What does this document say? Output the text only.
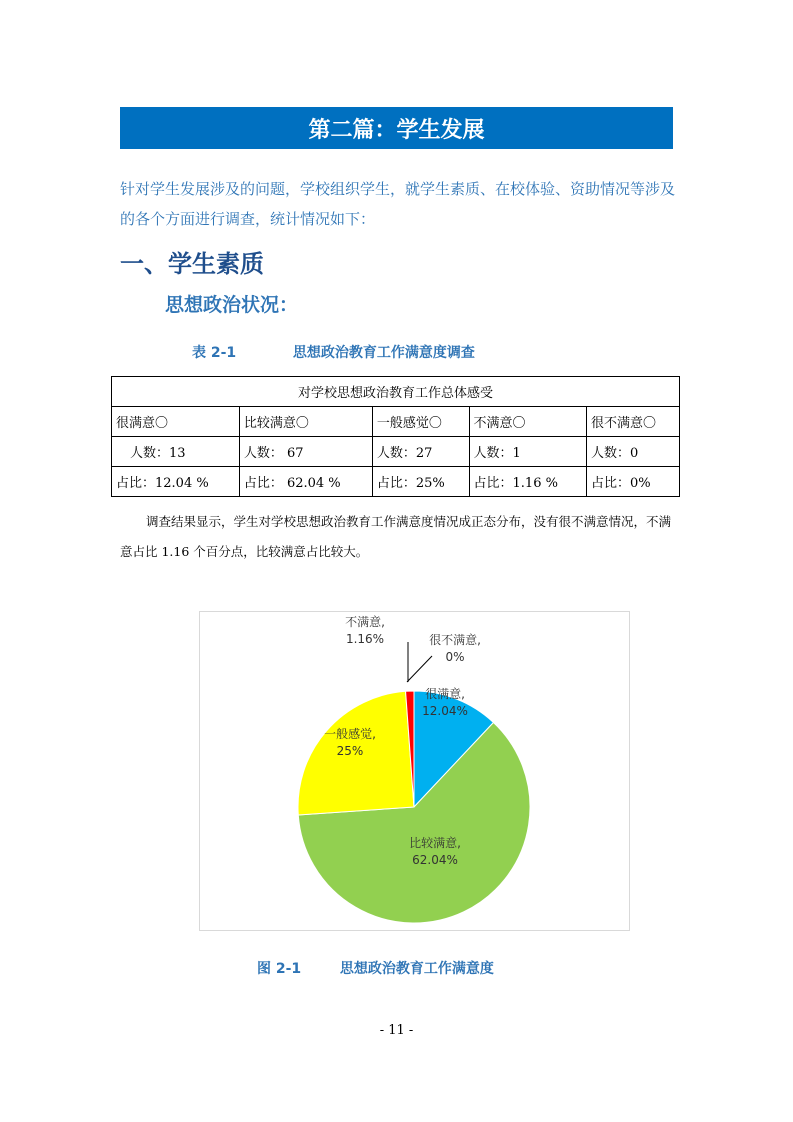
第二篇：学生发展

针对学生发展涉及的问题，学校组织学生，就学生素质、在校体验、资助情况等涉及的各个方面进行调查，统计情况如下：

一、学生素质
思想政治状况：
表 2-1	思想政治教育工作满意度调查
对学校思想政治教育工作总体感受				
很满意〇	比较满意〇	一般感觉〇	不满意〇	很不满意〇
人数：13	人数： 67	人数：27	人数：1	人数：0
占比：12.04 %	占比： 62.04 %	占比：25%	占比：1.16 %	占比：0%

调查结果显示，学生对学校思想政治教育工作满意度情况成正态分布，没有很不满意情况，不满意占比 1.16 个百分点，比较满意占比较大。

很不满意,
0%
很满意,
12.04%
比较满意,
62.04%
一般感觉,
25%
不满意,
1.16%
图 2-1	思想政治教育工作满意度
- 11 -
